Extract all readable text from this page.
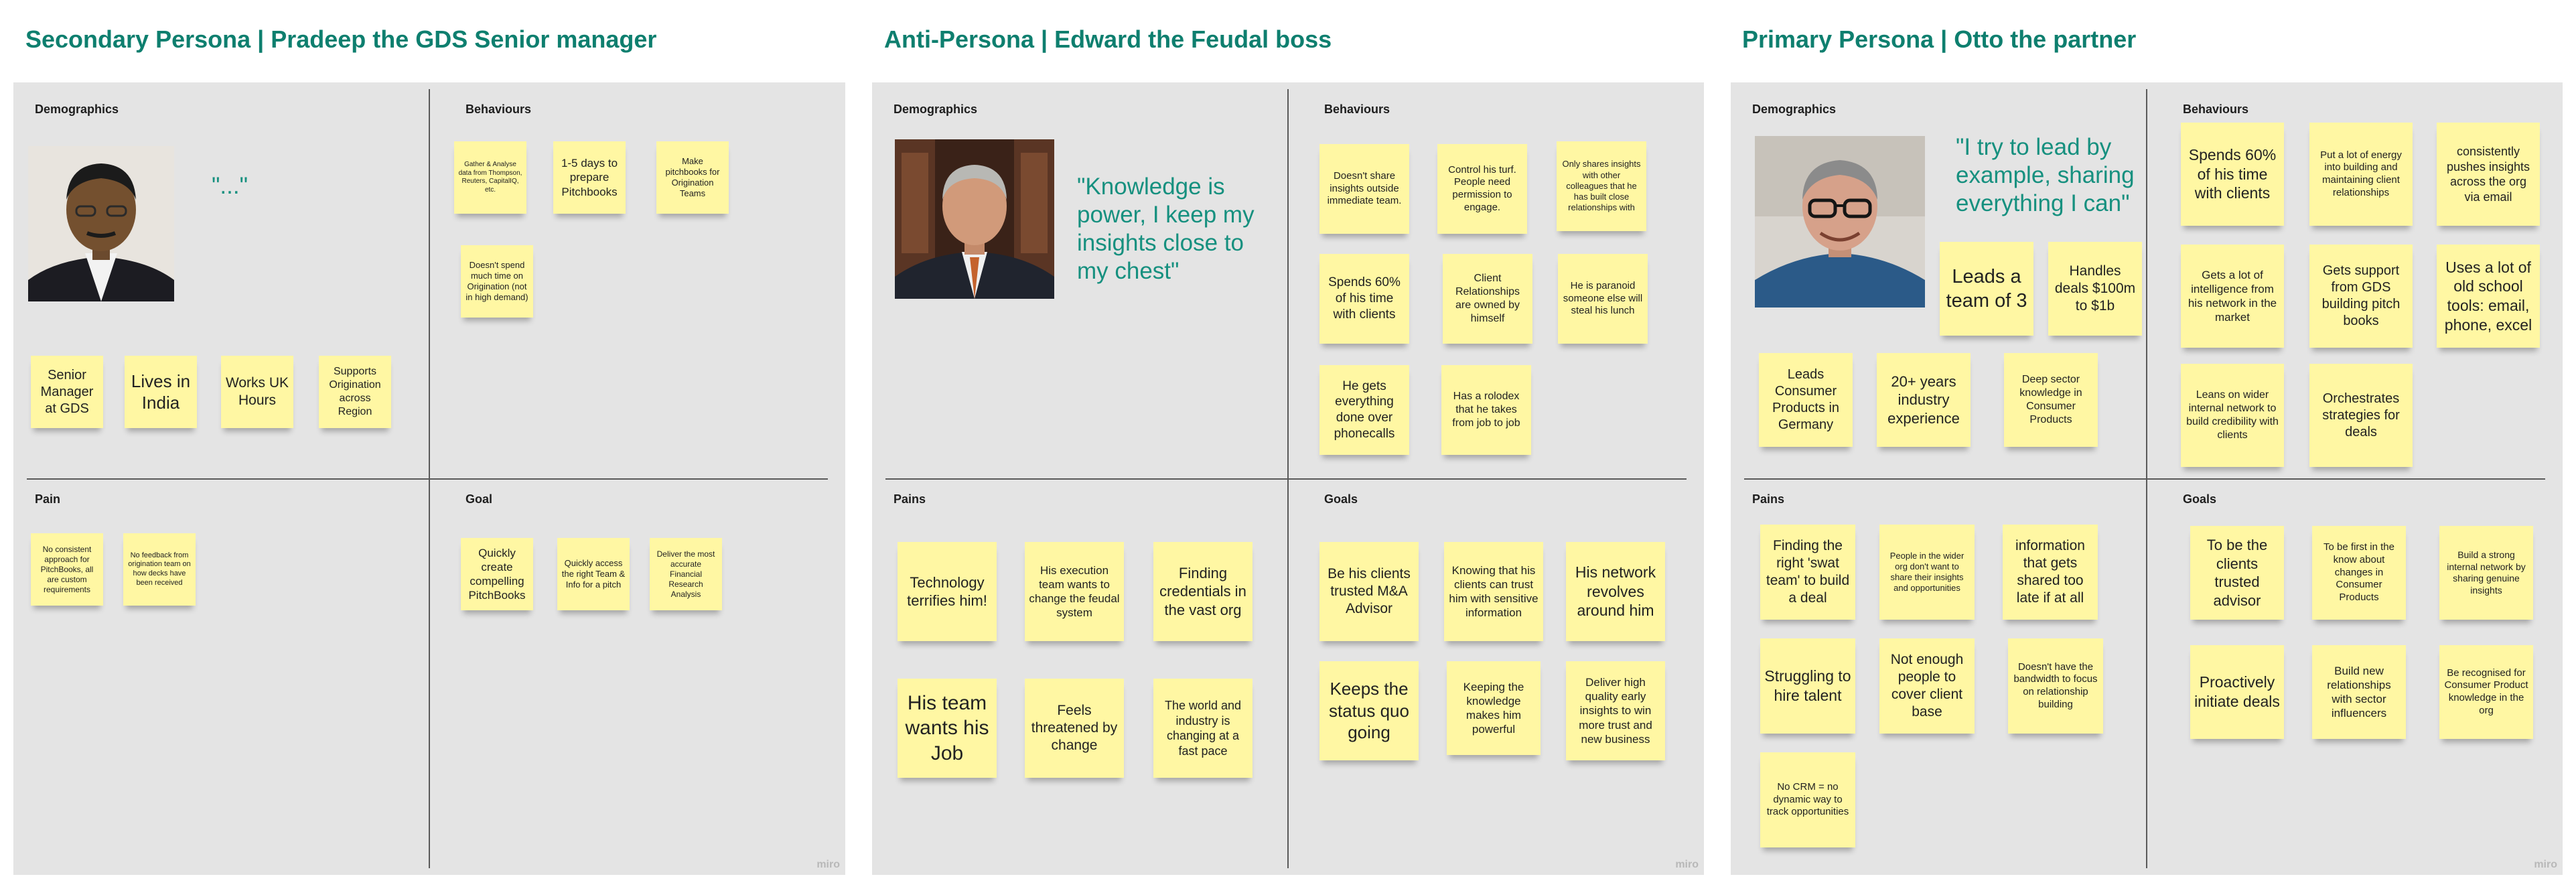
Secondary Persona | Pradeep the GDS Senior manager
Demographics	Behaviours
Pain	Goal
"..."
Senior Manager at GDS
Lives in India
Works UK Hours
Supports Origination across Region
Gather & Analyse data from Thompson, Reuters, CapitalIQ, etc.
1-5 days to prepare Pitchbooks
Make pitchbooks for Origination Teams
Doesn't spend much time on Origination (not in high demand)
No consistent approach for PitchBooks, all are custom requirements
No feedback from origination team on how decks have been received
Quickly create compelling PitchBooks
Quickly access the right Team & Info for a pitch
Deliver the most accurate Financial Research Analysis
miro
Anti-Persona | Edward the Feudal boss
Demographics	Behaviours
Pains	Goals
"Knowledge is power, I keep my insights close to my chest"
Doesn't share insights outside immediate team.
Control his turf. People need permission to engage.
Only shares insights with other colleagues that he has built close relationships with
Spends 60% of his time with clients
Client Relationships are owned by himself
He is paranoid someone else will steal his lunch
He gets everything done over phonecalls
Has a rolodex that he takes from job to job
Technology terrifies him!
His execution team wants to change the feudal system
Finding credentials in the vast org
His team wants his Job
Feels threatened by change
The world and industry is changing at a fast pace
Be his clients trusted M&A Advisor
Knowing that his clients can trust him with sensitive information
His network revolves around him
Keeps the status quo going
Keeping the knowledge makes him powerful
Deliver high quality early insights to win more trust and new business
miro
Primary Persona | Otto the partner
Demographics	Behaviours
Pains	Goals
"I try to lead by example, sharing everything I can"
Leads a team of 3
Handles deals $100m to $1b
Leads Consumer Products in Germany
20+ years industry experience
Deep sector knowledge in Consumer Products
Spends 60% of his time with clients
Put a lot of energy into building and maintaining client relationships
consistently pushes insights across the org via email
Gets a lot of intelligence from his network in the market
Gets support from GDS building pitch books
Uses a lot of old school tools: email, phone, excel
Leans on wider internal network to build credibility with clients
Orchestrates strategies for deals
Finding the right 'swat team' to build a deal
People in the wider org don't want to share their insights and opportunities
information that gets shared too late if at all
Struggling to hire talent
Not enough people to cover client base
Doesn't have the bandwidth to focus on relationship building
No CRM = no dynamic way to track opportunities
To be the clients trusted advisor
To be first in the know about changes in Consumer Products
Build a strong internal network by sharing genuine insights
Proactively initiate deals
Build new relationships with sector influencers
Be recognised for Consumer Product knowledge in the org
miro
